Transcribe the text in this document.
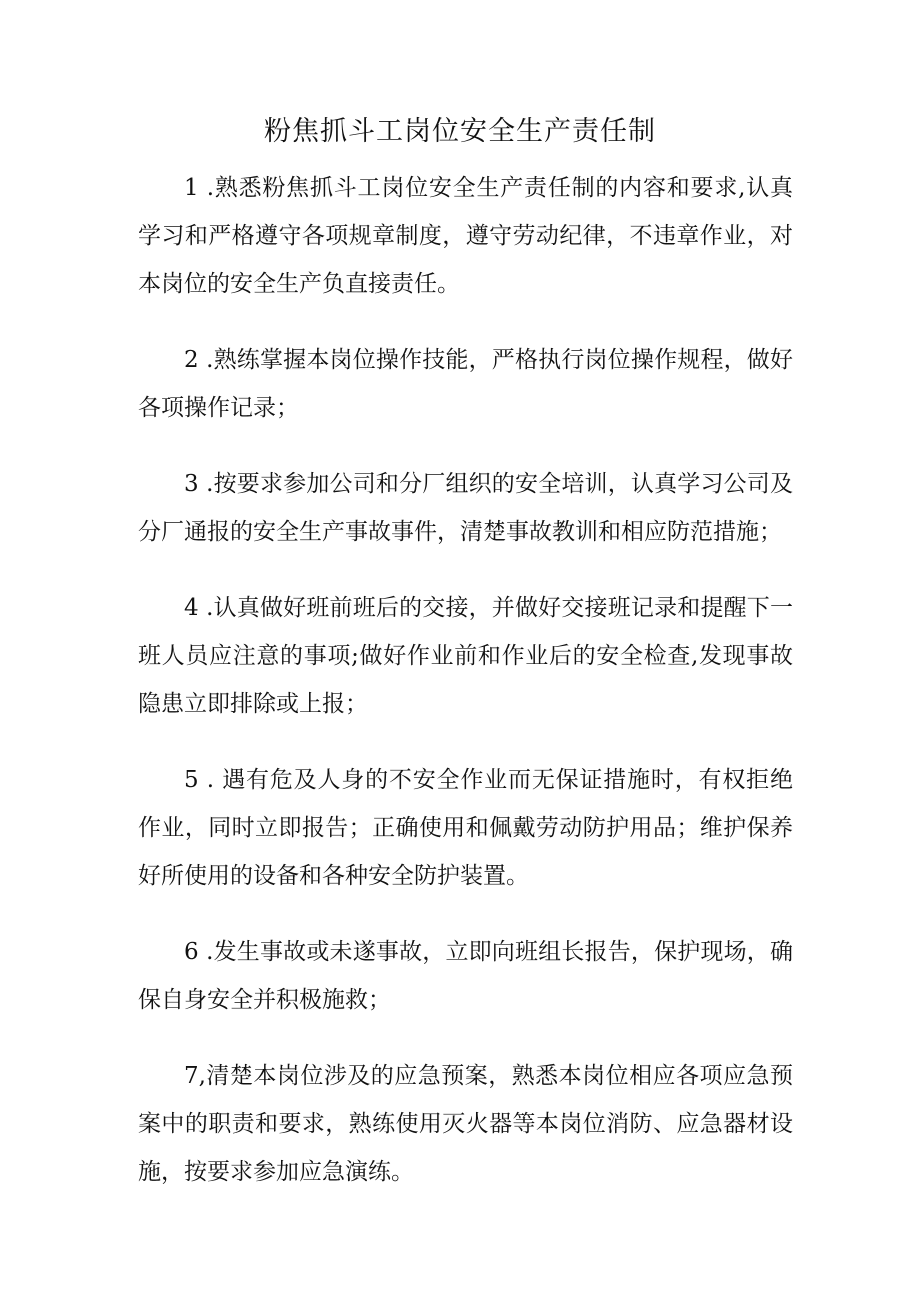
粉焦抓斗工岗位安全生产责任制

1 .熟悉粉焦抓斗工岗位安全生产责任制的内容和要求,认真学习和严格遵守各项规章制度，遵守劳动纪律，不违章作业，对本岗位的安全生产负直接责任。

2 .熟练掌握本岗位操作技能，严格执行岗位操作规程，做好各项操作记录；

3 .按要求参加公司和分厂组织的安全培训，认真学习公司及分厂通报的安全生产事故事件，清楚事故教训和相应防范措施；

4 .认真做好班前班后的交接，并做好交接班记录和提醒下一班人员应注意的事项;做好作业前和作业后的安全检查,发现事故隐患立即排除或上报；

5 . 遇有危及人身的不安全作业而无保证措施时，有权拒绝作业，同时立即报告；正确使用和佩戴劳动防护用品；维护保养好所使用的设备和各种安全防护装置。

6 .发生事故或未遂事故，立即向班组长报告，保护现场，确保自身安全并积极施救；

7,清楚本岗位涉及的应急预案，熟悉本岗位相应各项应急预案中的职责和要求，熟练使用灭火器等本岗位消防、应急器材设施，按要求参加应急演练。
